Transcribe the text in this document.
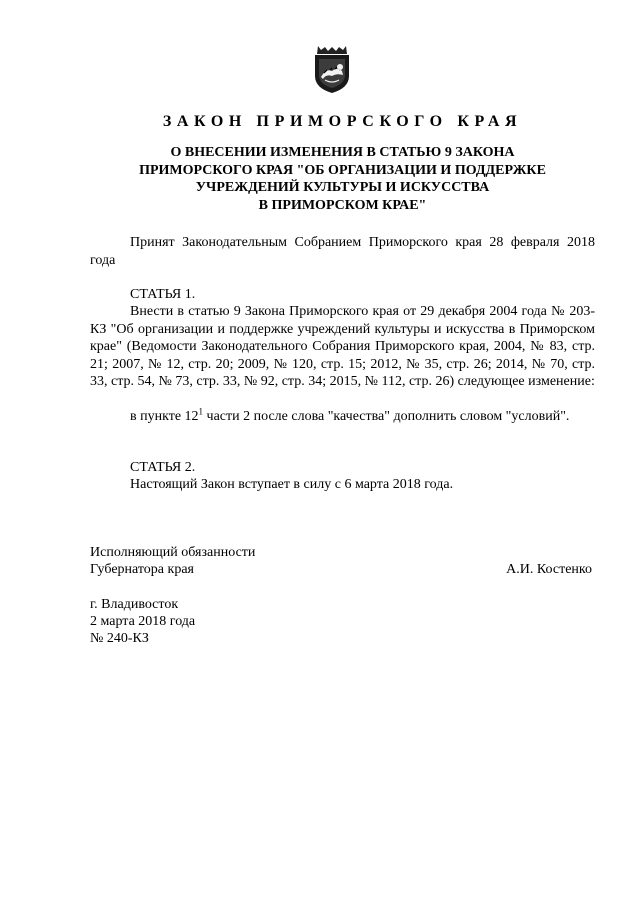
ЗАКОН ПРИМОРСКОГО КРАЯ
О ВНЕСЕНИИ ИЗМЕНЕНИЯ В СТАТЬЮ 9 ЗАКОНА
ПРИМОРСКОГО КРАЯ "ОБ ОРГАНИЗАЦИИ И ПОДДЕРЖКЕ
УЧРЕЖДЕНИЙ КУЛЬТУРЫ И ИСКУССТВА
В ПРИМОРСКОМ КРАЕ"
Принят Законодательным Собранием Приморского края 28 февраля 2018 года
СТАТЬЯ 1.
Внести в статью 9 Закона Приморского края от 29 декабря 2004 года № 203-КЗ "Об организации и поддержке учреждений культуры и искусства в Приморском крае" (Ведомости Законодательного Собрания Приморского края, 2004, № 83, стр. 21; 2007, № 12, стр. 20; 2009, № 120, стр. 15; 2012, № 35, стр. 26; 2014, № 70, стр. 33, стр. 54, № 73, стр. 33, № 92, стр. 34; 2015, № 112, стр. 26) следующее изменение:
в пункте $12^1$ части 2 после слова "качества" дополнить словом "условий".
СТАТЬЯ 2.
Настоящий Закон вступает в силу с 6 марта 2018 года.
Исполняющий обязанности
Губернатора края	А.И. Костенко
г. Владивосток
2 марта 2018 года
№ 240-КЗ
